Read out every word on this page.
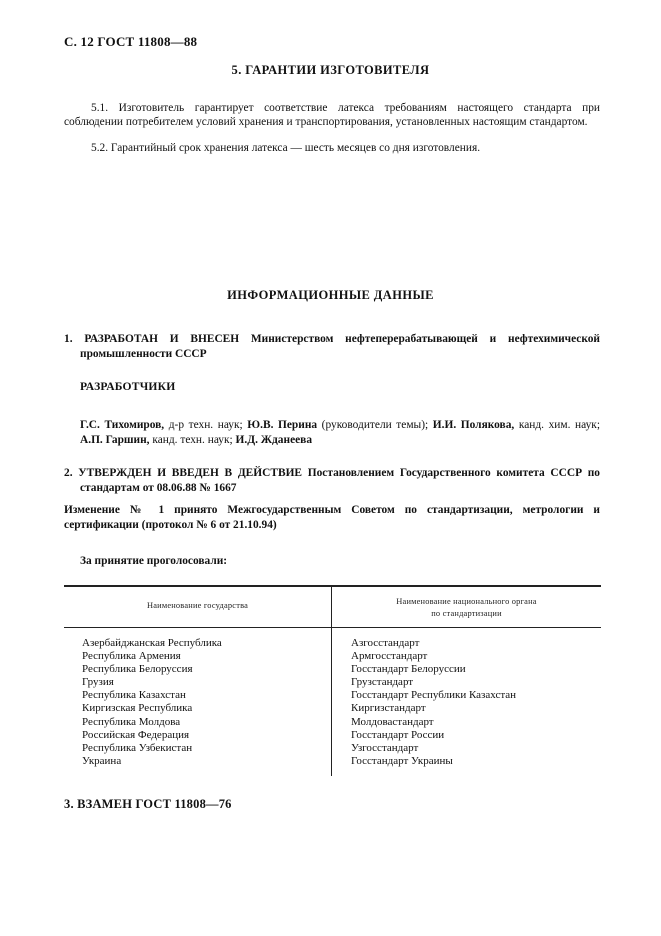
С. 12 ГОСТ 11808—88
5. ГАРАНТИИ ИЗГОТОВИТЕЛЯ
5.1. Изготовитель гарантирует соответствие латекса требованиям настоящего стандарта при соблюдении потребителем условий хранения и транспортирования, установленных настоящим стандартом.
5.2. Гарантийный срок хранения латекса — шесть месяцев со дня изготовления.
ИНФОРМАЦИОННЫЕ ДАННЫЕ
1. РАЗРАБОТАН И ВНЕСЕН Министерством нефтеперерабатывающей и нефтехимической промышленности СССР
РАЗРАБОТЧИКИ
Г.С. Тихомиров, д-р техн. наук; Ю.В. Перина (руководители темы); И.И. Полякова, канд. хим. наук; А.П. Гаршин, канд. техн. наук; И.Д. Жданеева
2. УТВЕРЖДЕН И ВВЕДЕН В ДЕЙСТВИЕ Постановлением Государственного комитета СССР по стандартам от 08.06.88 № 1667
Изменение № 1 принято Межгосударственным Советом по стандартизации, метрологии и сертификации (протокол № 6 от 21.10.94)
За принятие проголосовали:
Наименование государства	Наименование национального органа
по стандартизации
Азербайджанская Республика
Республика Армения
Республика Белоруссия
Грузия
Республика Казахстан
Киргизская Республика
Республика Молдова
Российская Федерация
Республика Узбекистан
Украина
Азгосстандарт
Армгосстандарт
Госстандарт Белоруссии
Грузстандарт
Госстандарт Республики Казахстан
Киргизстандарт
Молдовастандарт
Госстандарт России
Узгосстандарт
Госстандарт Украины
3. ВЗАМЕН ГОСТ 11808—76
